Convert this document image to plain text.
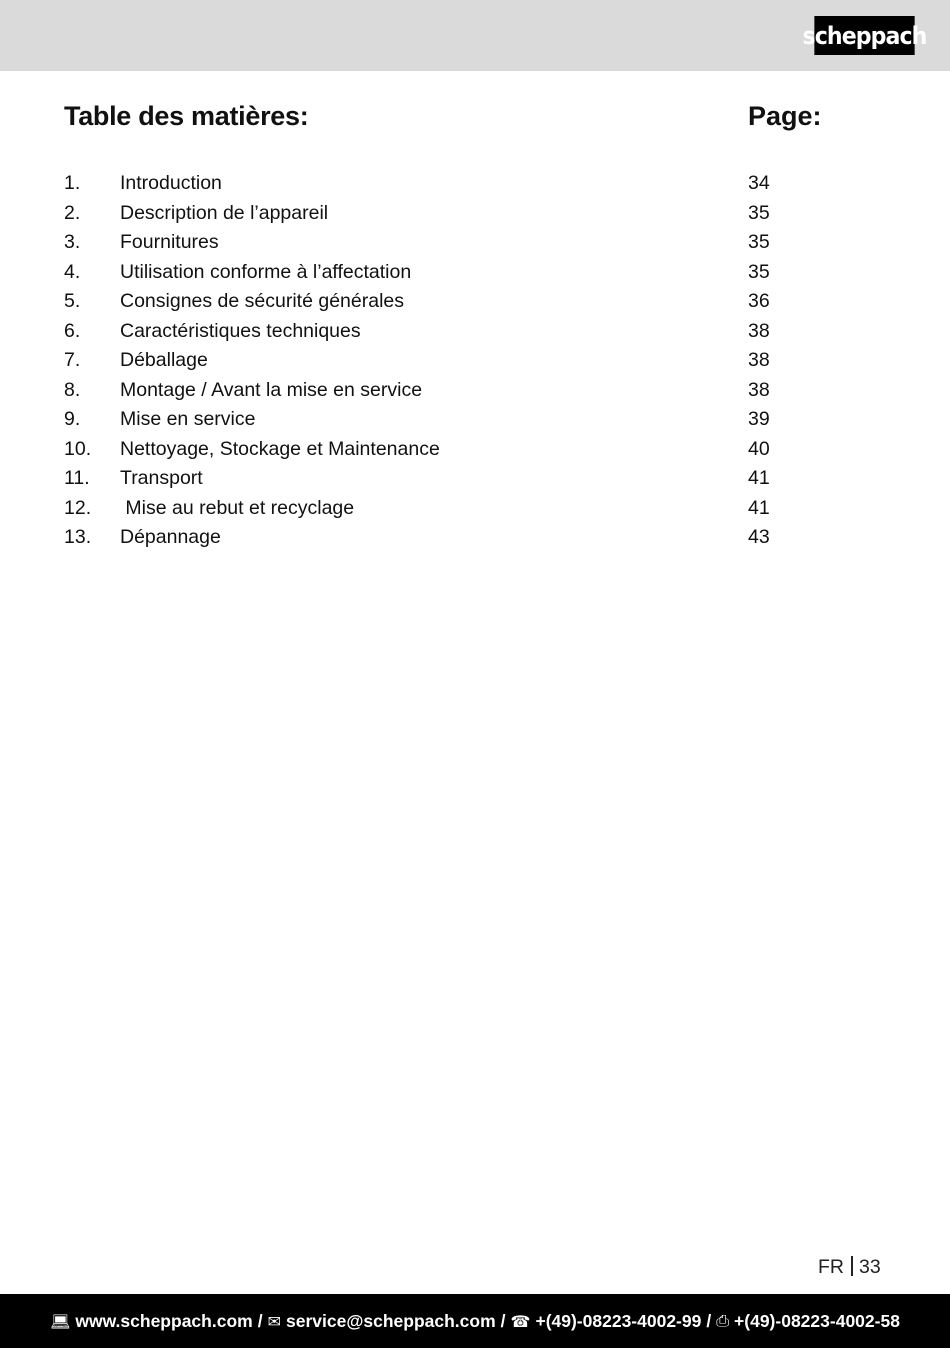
scheppach
Table des matières:	Page:
1. Introduction	34
2. Description de l’appareil	35
3. Fournitures	35
4. Utilisation conforme à l’affectation	35
5. Consignes de sécurité générales	36
6. Caractéristiques techniques	38
7. Déballage	38
8. Montage / Avant la mise en service	38
9. Mise en service	39
10. Nettoyage, Stockage et Maintenance	40
11. Transport	41
12. Mise au rebut et recyclage	41
13. Dépannage	43
FR 33
💻︎ www.scheppach.com / ✉︎ service@scheppach.com / ☎︎ +(49)-08223-4002-99 / ⎙ +(49)-08223-4002-58
